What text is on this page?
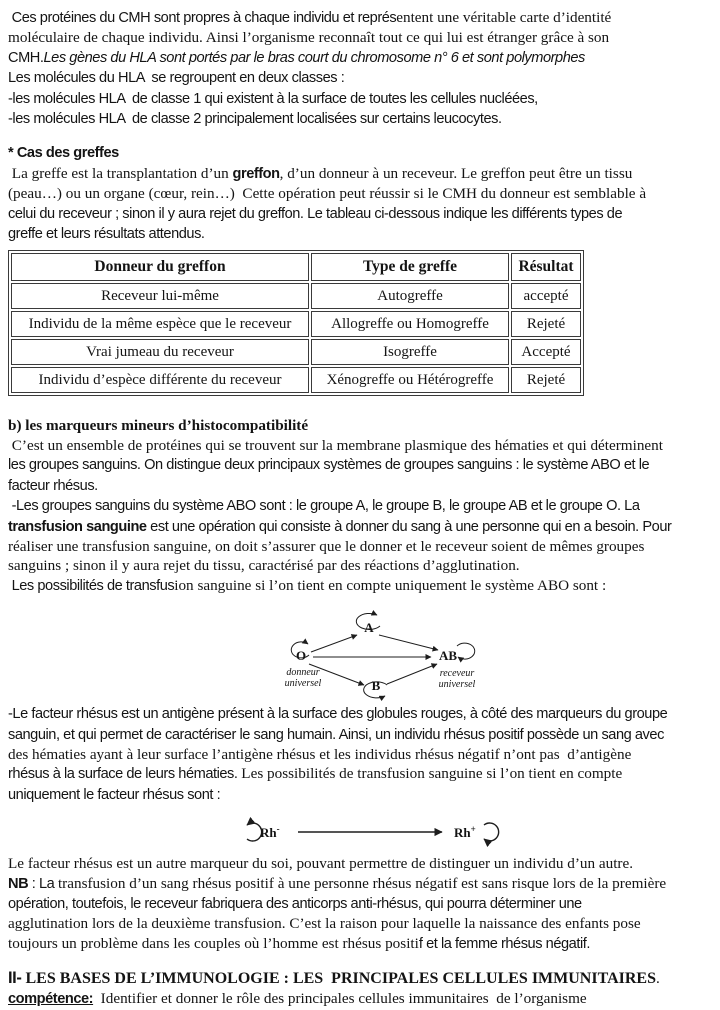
Ces protéines du CMH sont propres à chaque individu et représentent une véritable carte d’identité
moléculaire de chaque individu. Ainsi l’organisme reconnaît tout ce qui lui est étranger grâce à son
CMH.Les gènes du HLA sont portés par le bras court du chromosome n° 6 et sont polymorphes
Les molécules du HLA  se regroupent en deux classes :
-les molécules HLA  de classe 1 qui existent à la surface de toutes les cellules nucléées,
-les molécules HLA  de classe 2 principalement localisées sur certains leucocytes.
* Cas des greffes
La greffe est la transplantation d’un greffon, d’un donneur à un receveur. Le greffon peut être un tissu
(peau…) ou un organe (cœur, rein…)  Cette opération peut réussir si le CMH du donneur est semblable à
celui du receveur ; sinon il y aura rejet du greffon. Le tableau ci-dessous indique les différents types de
greffe et leurs résultats attendus.
Donneur du greffon	Type de greffe	Résultat
Receveur lui-même	Autogreffe	accepté
Individu de la même espèce que le receveur	Allogreffe ou Homogreffe	Rejeté
Vrai jumeau du receveur	Isogreffe	Accepté
Individu d’espèce différente du receveur	Xénogreffe ou Hétérogreffe	Rejeté
b) les marqueurs mineurs d’histocompatibilité
C’est un ensemble de protéines qui se trouvent sur la membrane plasmique des hématies et qui déterminent
les groupes sanguins. On distingue deux principaux systèmes de groupes sanguins : le système ABO et le
facteur rhésus.
-Les groupes sanguins du système ABO sont : le groupe A, le groupe B, le groupe AB et le groupe O. La
transfusion sanguine est une opération qui consiste à donner du sang à une personne qui en a besoin. Pour
réaliser une transfusion sanguine, on doit s’assurer que le donner et le receveur soient de mêmes groupes
sanguins ; sinon il y aura rejet du tissu, caractérisé par des réactions d’agglutination.
Les possibilités de transfusion sanguine si l’on tient en compte uniquement le système ABO sont :
A
O	AB
B
donneur
universel
receveur
universel
-Le facteur rhésus est un antigène présent à la surface des globules rouges, à côté des marqueurs du groupe
sanguin, et qui permet de caractériser le sang humain. Ainsi, un individu rhésus positif possède un sang avec
des hématies ayant à leur surface l’antigène rhésus et les individus rhésus négatif n’ont pas  d’antigène
rhésus à la surface de leurs hématies. Les possibilités de transfusion sanguine si l’on tient en compte
uniquement le facteur rhésus sont :
Rh-	Rh+
Le facteur rhésus est un autre marqueur du soi, pouvant permettre de distinguer un individu d’un autre.
NB : La transfusion d’un sang rhésus positif à une personne rhésus négatif est sans risque lors de la première
opération, toutefois, le receveur fabriquera des anticorps anti-rhésus, qui pourra déterminer une
agglutination lors de la deuxième transfusion. C’est la raison pour laquelle la naissance des enfants pose
toujours un problème dans les couples où l’homme est rhésus positif et la femme rhésus négatif.
II- LES BASES DE L’IMMUNOLOGIE : LES  PRINCIPALES CELLULES IMMUNITAIRES.
compétence:  Identifier et donner le rôle des principales cellules immunitaires  de l’organisme
